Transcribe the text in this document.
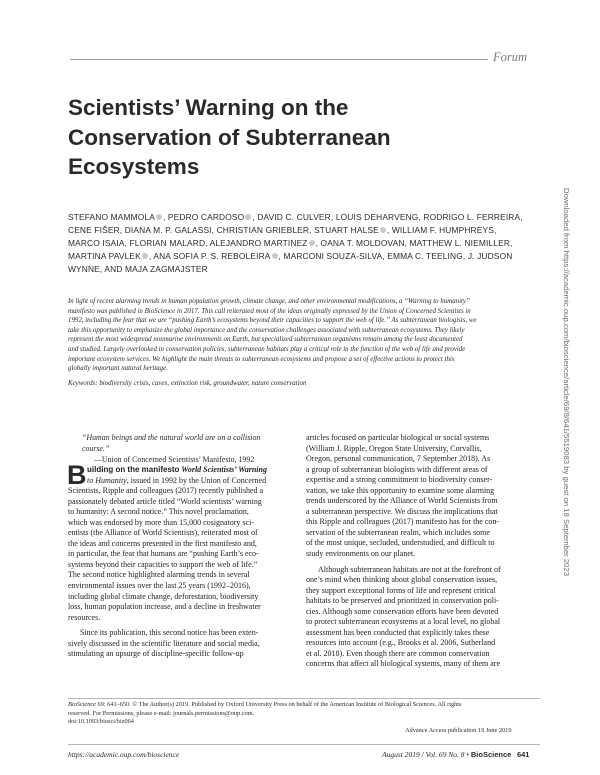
Forum
Scientists’ Warning on the
Conservation of Subterranean
Ecosystems
STEFANO MAMMOLA , PEDRO CARDOSO , DAVID C. CULVER, LOUIS DEHARVENG, RODRIGO L. FERREIRA,
CENE FIŠER, DIANA M. P. GALASSI, CHRISTIAN GRIEBLER, STUART HALSE , WILLIAM F. HUMPHREYS,
MARCO ISAIA, FLORIAN MALARD, ALEJANDRO MARTINEZ , OANA T. MOLDOVAN, MATTHEW L. NIEMILLER,
MARTINA PAVLEK , ANA SOFIA P. S. REBOLEIRA , MARCONI SOUZA-SILVA, EMMA C. TEELING, J. JUDSON
WYNNE, AND MAJA ZAGMAJSTER
In light of recent alarming trends in human population growth, climate change, and other environmental modifications, a “Warning to humanity”
manifesto was published in BioScience in 2017. This call reiterated most of the ideas originally expressed by the Union of Concerned Scientists in
1992, including the fear that we are “pushing Earth’s ecosystems beyond their capacities to support the web of life.” As subterranean biologists, we
take this opportunity to emphasize the global importance and the conservation challenges associated with subterranean ecosystems. They likely
represent the most widespread nonmarine environments on Earth, but specialized subterranean organisms remain among the least documented
and studied. Largely overlooked in conservation policies, subterranean habitats play a critical role in the function of the web of life and provide
important ecosystem services. We highlight the main threats to subterranean ecosystems and propose a set of effective actions to protect this
globally important natural heritage.
Keywords: biodiversity crisis, caves, extinction risk, groundwater, nature conservation
“Human beings and the natural world are on a collision
course.”
—Union of Concerned Scientists’ Manifesto, 1992
B uilding on the manifesto World Scientists’ Warning
to Humanity, issued in 1992 by the Union of Concerned
Scientists, Ripple and colleagues (2017) recently published a
passionately debated article titled “World scientists’ warning
to humanity: A second notice.” This novel proclamation,
which was endorsed by more than 15,000 cosignatory sci-
entists (the Alliance of World Scientists), reiterated most of
the ideas and concerns presented in the first manifesto and,
in particular, the fear that humans are “pushing Earth’s eco-
systems beyond their capacities to support the web of life.”
The second notice highlighted alarming trends in several
environmental issues over the last 25 years (1992–2016),
including global climate change, deforestation, biodiversity
loss, human population increase, and a decline in freshwater
resources.
Since its publication, this second notice has been exten-
sively discussed in the scientific literature and social media,
stimulating an upsurge of discipline-specific follow-up
articles focused on particular biological or social systems
(William J. Ripple, Oregon State University, Corvallis,
Oregon, personal communication, 7 September 2018). As
a group of subterranean biologists with different areas of
expertise and a strong commitment to biodiversity conser-
vation, we take this opportunity to examine some alarming
trends underscored by the Alliance of World Scientists from
a subterranean perspective. We discuss the implications that
this Ripple and colleagues (2017) manifesto has for the con-
servation of the subterranean realm, which includes some
of the most unique, secluded, understudied, and difficult to
study environments on our planet.
Although subterranean habitats are not at the forefront of
one’s mind when thinking about global conservation issues,
they support exceptional forms of life and represent critical
habitats to be preserved and prioritized in conservation poli-
cies. Although some conservation efforts have been devoted
to protect subterranean ecosystems at a local level, no global
assessment has been conducted that explicitly takes these
resources into account (e.g., Brooks et al. 2006, Sutherland
et al. 2018). Even though there are common conservation
concerns that affect all biological systems, many of them are
BioScience 69: 641–650. © The Author(s) 2019. Published by Oxford University Press on behalf of the American Institute of Biological Sciences. All rights
reserved. For Permissions, please e-mail: journals.permissions@oup.com.
doi:10.1093/biosci/biz064
Advance Access publication 19 June 2019
https://academic.oup.com/bioscience	August 2019 / Vol. 69 No. 8 • BioScience 641
Downloaded from https://academic.oup.com/bioscience/article/69/8/641/5519083 by guest on 18 September 2023
